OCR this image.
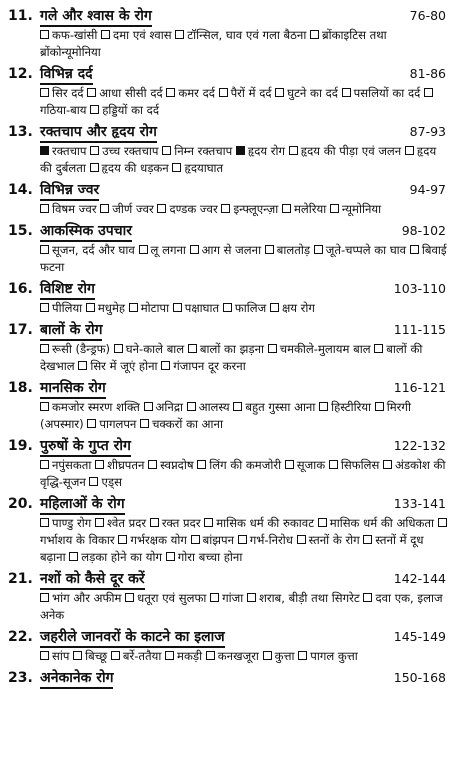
11. गले और श्वास के रोग	76-80
कफ-खांसी दमा एवं श्वास टॉन्सिल, घाव एवं गला बैठना ब्रोंकाइटिस तथा ब्रोंकोन्यूमोनिया
12. विभिन्न दर्द	81-86
सिर दर्द आधा सीसी दर्द कमर दर्द पैरों में दर्द घुटने का दर्द पसलियों का दर्द गठिया-बाय हड्डियों का दर्द
13. रक्तचाप और हृदय रोग	87-93
रक्तचाप उच्च रक्तचाप निम्न रक्तचाप हृदय रोग हृदय की पीड़ा एवं जलन हृदय की दुर्बलता हृदय की धड़कन हृदयाघात
14. विभिन्न ज्वर	94-97
विषम ज्वर जीर्ण ज्वर दण्डक ज्वर इन्फ्लूएन्ज़ा मलेरिया न्यूमोनिया
15. आकस्मिक उपचार	98-102
सूजन, दर्द और घाव लू लगना आग से जलना बालतोड़ जूते-चप्पले का घाव बिवाई फटना
16. विशिष्ट रोग	103-110
पीलिया मधुमेह मोटापा पक्षाघात फालिज क्षय रोग
17. बालों के रोग	111-115
रूसी (डैन्ड्रफ) घने-काले बाल बालों का झड़ना चमकीले-मुलायम बाल बालों की देखभाल सिर में जूएं होना गंजापन दूर करना
18. मानसिक रोग	116-121
कमजोर स्मरण शक्ति अनिद्रा आलस्य बहुत गुस्सा आना हिस्टीरिया मिरगी (अपस्मार) पागलपन चक्करों का आना
19. पुरुषों के गुप्त रोग	122-132
नपुंसकता शीघ्रपतन स्वप्नदोष लिंग की कमजोरी सूजाक सिफलिस अंडकोश की वृद्धि-सूजन एड्स
20. महिलाओं के रोग	133-141
पाण्डु रोग श्वेत प्रदर रक्त प्रदर मासिक धर्म की रुकावट मासिक धर्म की अधिकता गर्भाशय के विकार गर्भरक्षक योग बांझपन गर्भ-निरोध स्तनों के रोग स्तनों में दूध बढ़ाना लड़का होने का योग गोरा बच्चा होना
21. नशों को कैसे दूर करें	142-144
भांग और अफीम धतूरा एवं सुलफा गांजा शराब, बीड़ी तथा सिगरेट दवा एक, इलाज अनेक
22. जहरीले जानवरों के काटने का इलाज	145-149
सांप बिच्छू बर्रे-ततैया मकड़ी कनखजूरा कुत्ता पागल कुत्ता
23. अनेकानेक रोग	150-168
